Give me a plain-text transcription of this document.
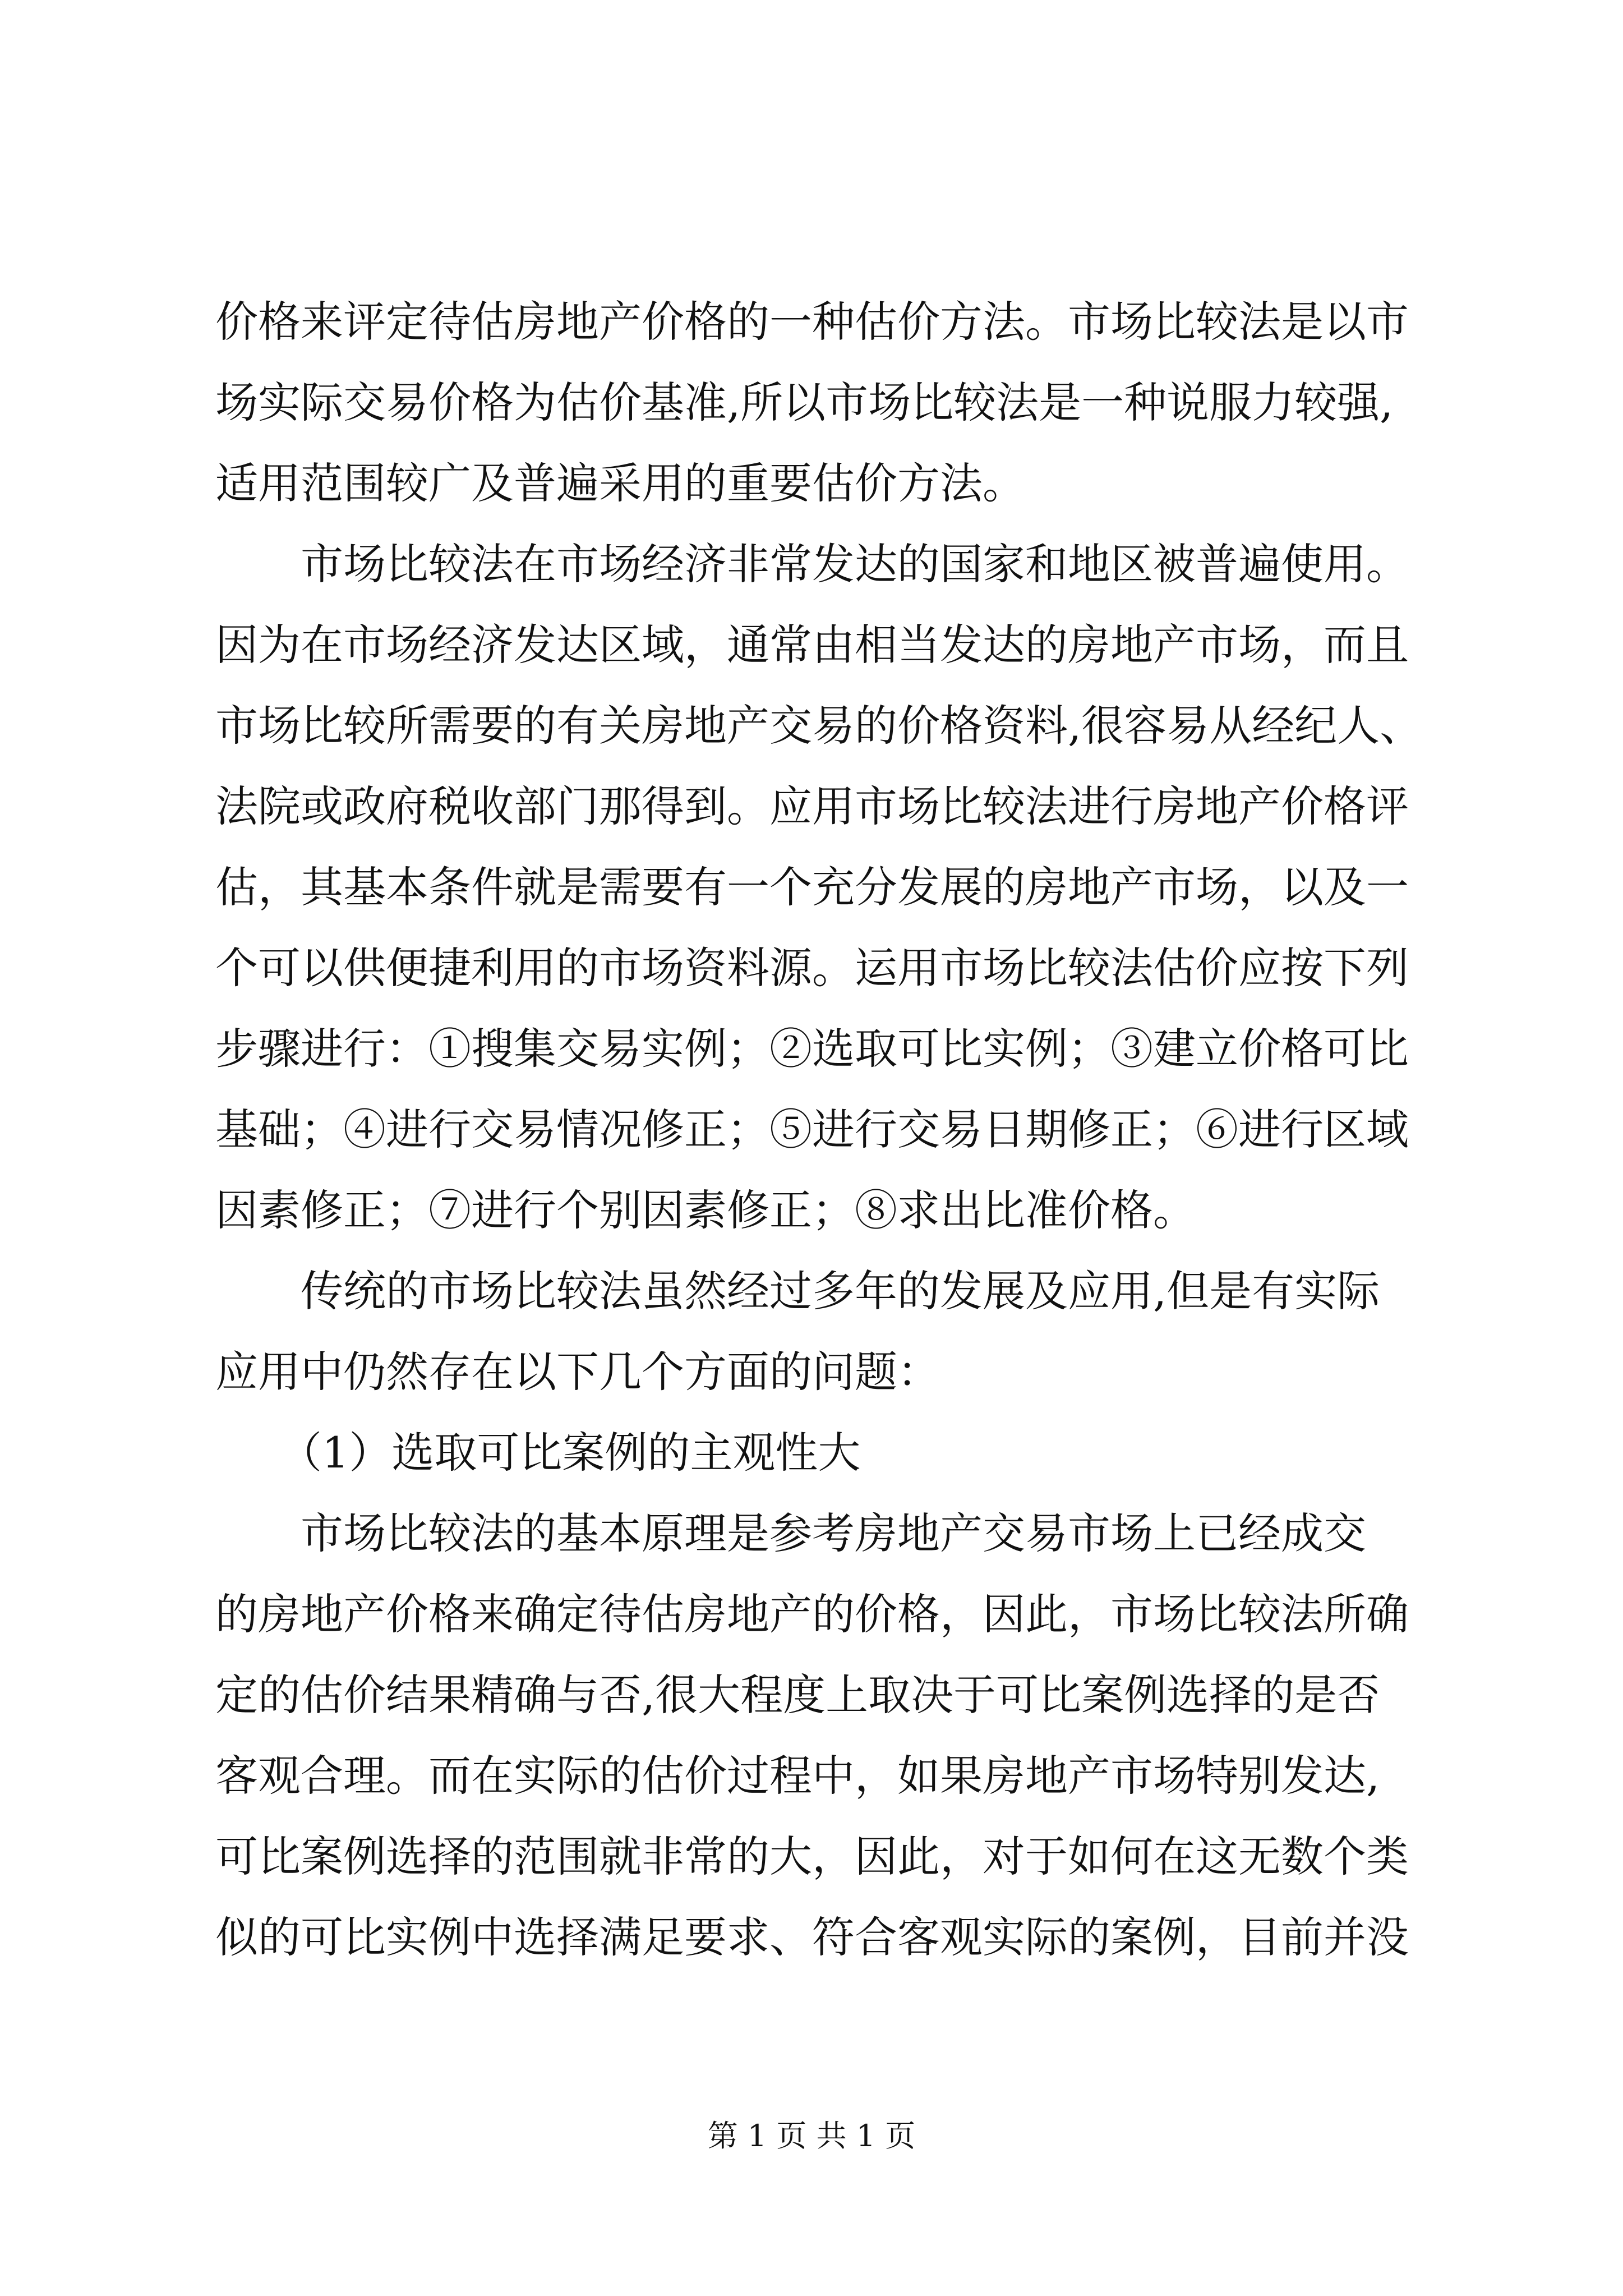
价格来评定待估房地产价格的一种估价方法。市场比较法是以市
场实际交易价格为估价基准,所以市场比较法是一种说服力较强,
适用范围较广及普遍采用的重要估价方法。
　　市场比较法在市场经济非常发达的国家和地区被普遍使用。
因为在市场经济发达区域，通常由相当发达的房地产市场，而且
市场比较所需要的有关房地产交易的价格资料,很容易从经纪人、
法院或政府税收部门那得到。应用市场比较法进行房地产价格评
估，其基本条件就是需要有一个充分发展的房地产市场，以及一
个可以供便捷利用的市场资料源。运用市场比较法估价应按下列
步骤进行：①搜集交易实例；②选取可比实例；③建立价格可比
基础；④进行交易情况修正；⑤进行交易日期修正；⑥进行区域
因素修正；⑦进行个别因素修正；⑧求出比准价格。
　　传统的市场比较法虽然经过多年的发展及应用,但是有实际
应用中仍然存在以下几个方面的问题：
　　（1）选取可比案例的主观性大
　　市场比较法的基本原理是参考房地产交易市场上已经成交
的房地产价格来确定待估房地产的价格，因此，市场比较法所确
定的估价结果精确与否,很大程度上取决于可比案例选择的是否
客观合理。而在实际的估价过程中，如果房地产市场特别发达,
可比案例选择的范围就非常的大，因此，对于如何在这无数个类
似的可比实例中选择满足要求、符合客观实际的案例，目前并没
第 1 页 共 1 页
